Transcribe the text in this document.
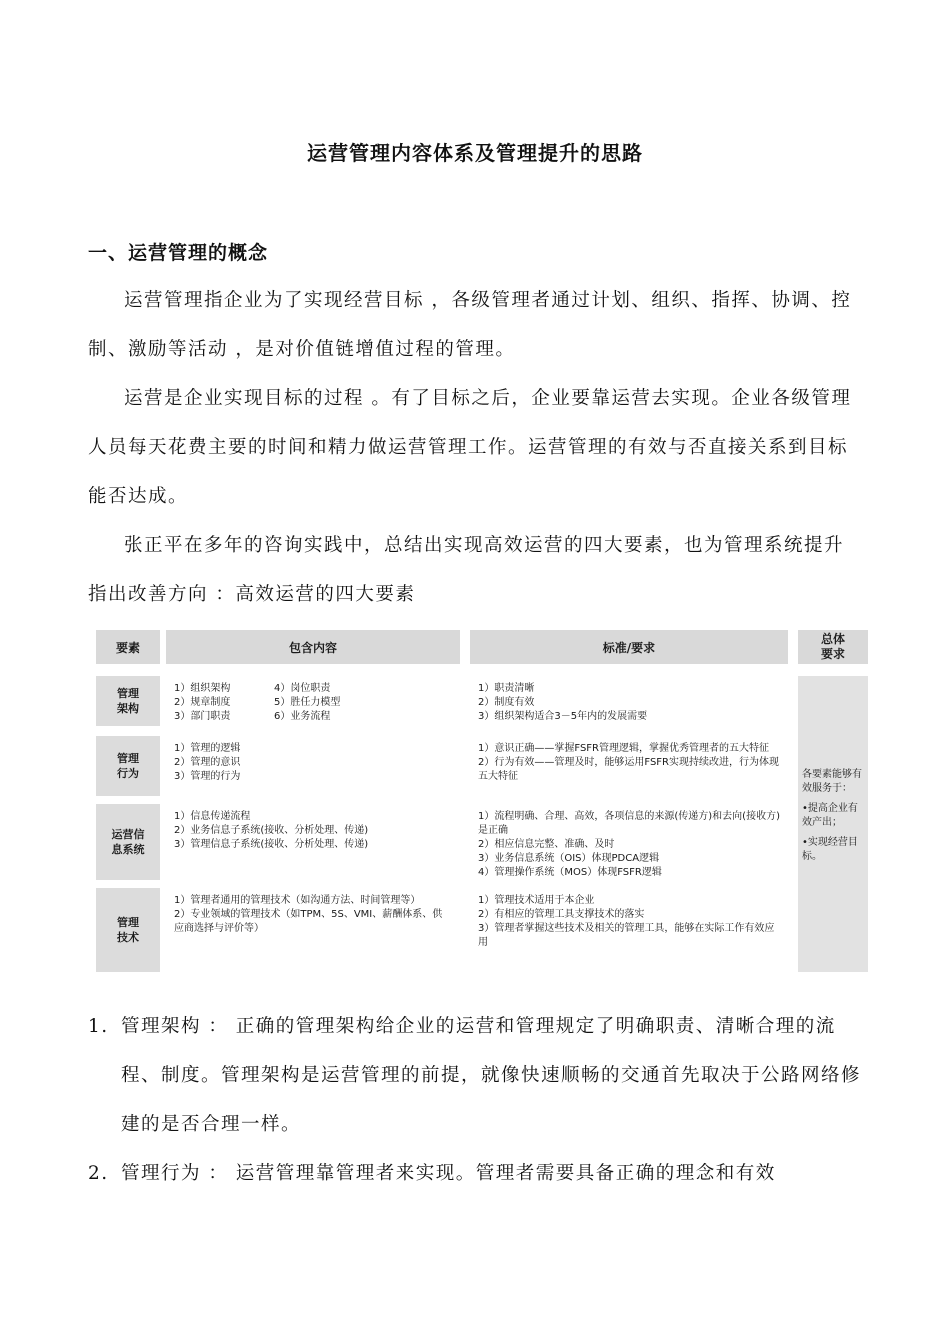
运营管理内容体系及管理提升的思路
一、运营管理的概念

运营管理指企业为了实现经营目标 ，各级管理者通过计划、组织、指挥、协调、控制、激励等活动 ，是对价值链增值过程的管理。

运营是企业实现目标的过程 。有了目标之后，企业要靠运营去实现。企业各级管理人员每天花费主要的时间和精力做运营管理工作。运营管理的有效与否直接关系到目标能否达成。

张正平在多年的咨询实践中，总结出实现高效运营的四大要素，也为管理系统提升指出改善方向 ：高效运营的四大要素

要素	包含内容	标准/要求
总体要求
管理架构
1）组织架构
2）规章制度
3）部门职责
4）岗位职责
5）胜任力模型
6）业务流程
1）职责清晰
2）制度有效
3）组织架构适合3－5年内的发展需要
管理行为
1）管理的逻辑
2）管理的意识
3）管理的行为
1）意识正确——掌握FSFR管理逻辑，掌握优秀管理者的五大特征
2）行为有效——管理及时，能够运用FSFR实现持续改进，行为体现五大特征
运营信息系统
1）信息传递流程
2）业务信息子系统(接收、分析处理、传递)
3）管理信息子系统(接收、分析处理、传递)
1）流程明确、合理、高效，各项信息的来源(传递方)和去向(接收方)是正确
2）相应信息完整、准确、及时
3）业务信息系统（OIS）体现PDCA逻辑
4）管理操作系统（MOS）体现FSFR逻辑
管理技术
1）管理者通用的管理技术（如沟通方法、时间管理等）
2）专业领域的管理技术（如TPM、5S、VMI、薪酬体系、供应商选择与评价等）
1）管理技术适用于本企业
2）有相应的管理工具支撑技术的落实
3）管理者掌握这些技术及相关的管理工具，能够在实际工作有效应用
各要素能够有效服务于：
•提高企业有效产出；
•实现经营目标。
1. 管理架构 ： 正确的管理架构给企业的运营和管理规定了明确职责、清晰合理的流程、制度。管理架构是运营管理的前提，就像快速顺畅的交通首先取决于公路网络修建的是否合理一样。
2. 管理行为 ： 运营管理靠管理者来实现。管理者需要具备正确的理念和有效
